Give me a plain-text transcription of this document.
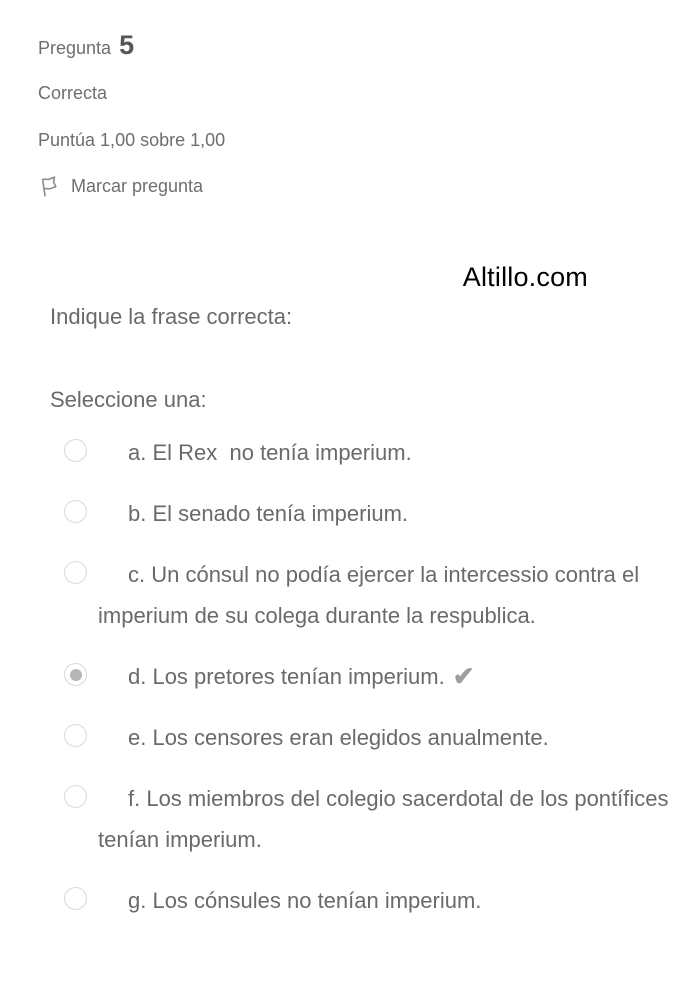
Pregunta 5
Correcta
Puntúa 1,00 sobre 1,00
Marcar pregunta
Altillo.com
Indique la frase correcta:
Seleccione una:

a. El Rex  no tenía imperium.

b. El senado tenía imperium.

c. Un cónsul no podía ejercer la intercessio contra el imperium de su colega durante la respublica.

d. Los pretores tenían imperium. ✔

e. Los censores eran elegidos anualmente.

f. Los miembros del colegio sacerdotal de los pontífices tenían imperium.

g. Los cónsules no tenían imperium.
